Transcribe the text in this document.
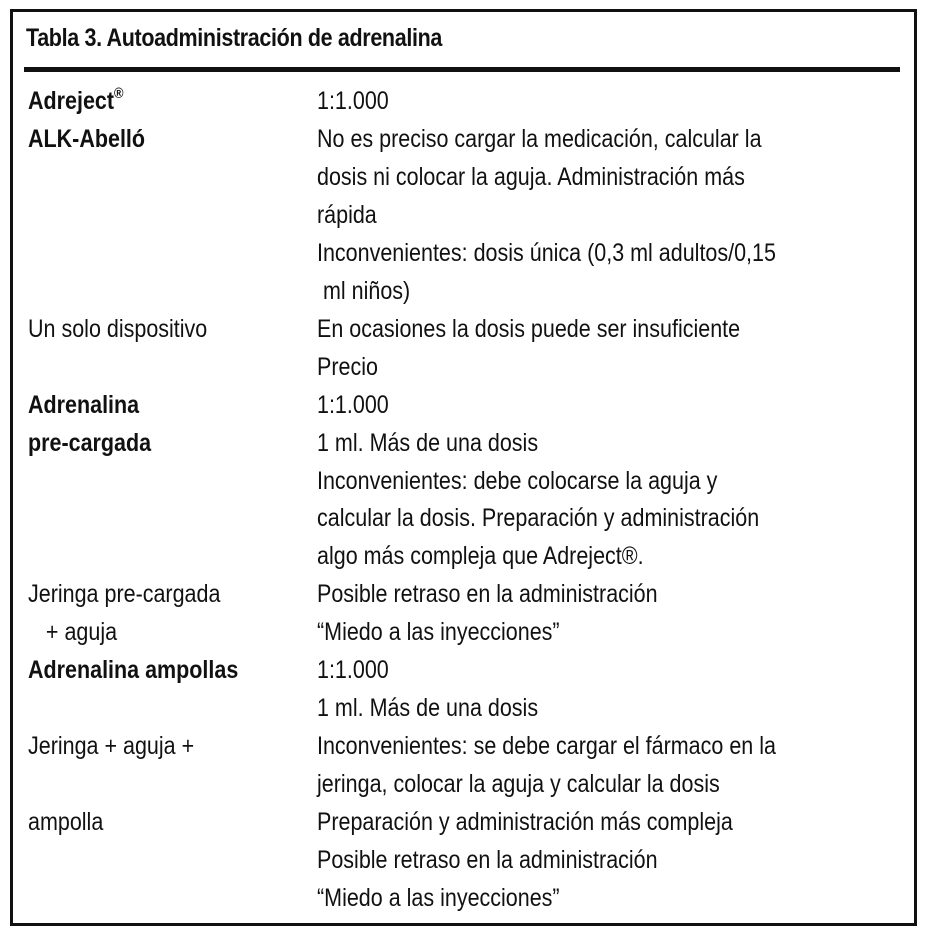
Tabla 3. Autoadministración de adrenalina
Adreject®	1:1.000
ALK-Abelló	No es preciso cargar la medicación, calcular la
dosis ni colocar la aguja. Administración más
rápida
Inconvenientes: dosis única (0,3 ml adultos/0,15
ml niños)
Un solo dispositivo	En ocasiones la dosis puede ser insuficiente
Precio
Adrenalina	1:1.000
pre-cargada	1 ml. Más de una dosis
Inconvenientes: debe colocarse la aguja y
calcular la dosis. Preparación y administración
algo más compleja que Adreject®.
Jeringa pre-cargada	Posible retraso en la administración
+ aguja	“Miedo a las inyecciones”
Adrenalina ampollas	1:1.000
1 ml. Más de una dosis
Jeringa + aguja +	Inconvenientes: se debe cargar el fármaco en la
jeringa, colocar la aguja y calcular la dosis
ampolla	Preparación y administración más compleja
Posible retraso en la administración
“Miedo a las inyecciones”
